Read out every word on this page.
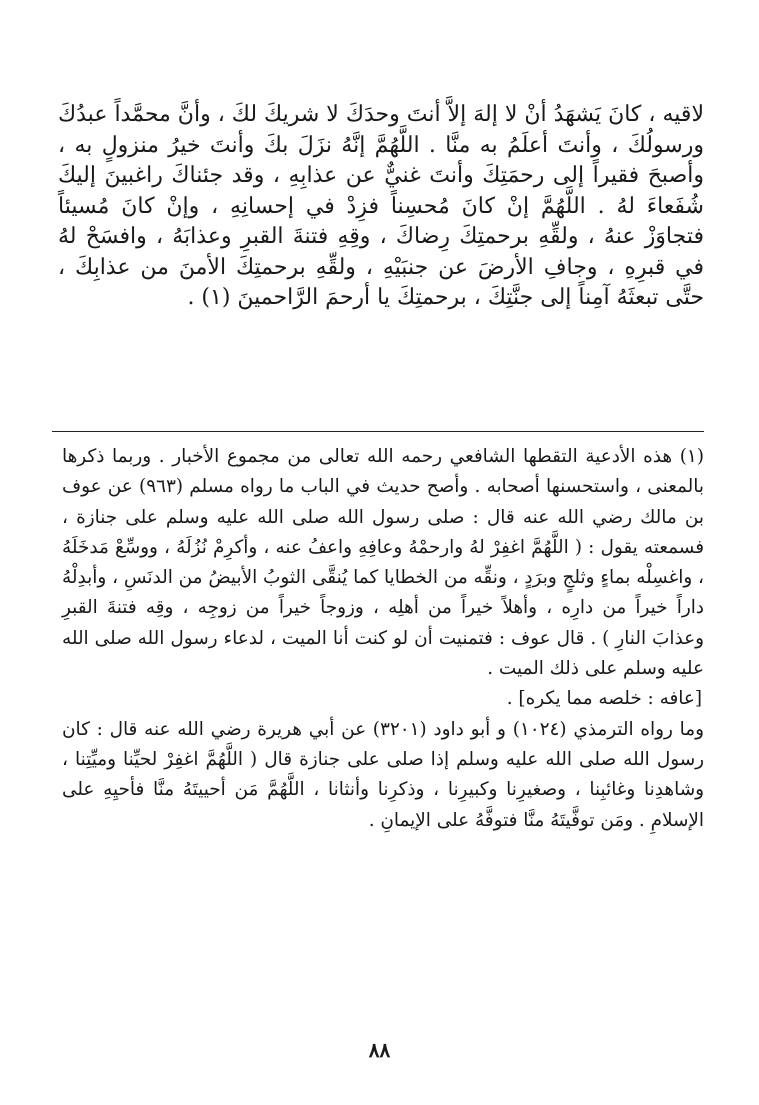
لاقيه ، كانَ يَشهَدُ أنْ لا إلهَ إلاَّ أنتَ وحدَكَ لا شريكَ لكَ ، وأنَّ محمَّداً عبدُكَ ورسولُكَ ، وأنتَ أعلَمُ به منَّا . اللَّهُمَّ إنَّهُ نزَلَ بكَ وأنتَ خيرُ منزولٍ به ، وأصبحَ فقيراً إلى رحمَتِكَ وأنتَ غنيٌّ عن عذابِهِ ، وقد جئناكَ راغبينَ إليكَ شُفَعاءَ لهُ . اللَّهُمَّ إنْ كانَ مُحسِناً فزِدْ في إحسانِهِ ، وإنْ كانَ مُسيئاً فتجاوَزْ عنهُ ، ولقِّهِ برحمتِكَ رِضاكَ ، وقِهِ فتنةَ القبرِ وعذابَهُ ، وافسَحْ لهُ في قبرِهِ ، وجافِ الأرضَ عن جنبَيْهِ ، ولقِّهِ برحمتِكَ الأمنَ من عذابِكَ ، حتَّى تبعثَهُ آمِناً إلى جنَّتِكَ ، برحمتِكَ يا أرحمَ الرَّاحمينَ (١) .

(١) هذه الأدعية التقطها الشافعي رحمه الله تعالى من مجموع الأخبار . وربما ذكرها بالمعنى ، واستحسنها أصحابه . وأصح حديث في الباب ما رواه مسلم (٩٦٣) عن عوف بن مالك رضي الله عنه قال : صلى رسول الله صلى الله عليه وسلم على جنازة ، فسمعته يقول : ( اللَّهُمَّ اغفِرْ لهُ وارحمْهُ وعافِهِ واعفُ عنه ، وأكرِمْ نُزُلَهُ ، ووسِّعْ مَدخَلَهُ ، واغسِلْه بماءٍ وثلجٍ وبرَدٍ ، ونقِّه من الخطايا كما يُنقَّى الثوبُ الأبيضُ من الدنَسِ ، وأبدِلْهُ داراً خيراً من دارِه ، وأهلاً خيراً من أهلِه ، وزوجاً خيراً من زوجِه ، وقِه فتنةَ القبرِ وعذابَ النارِ ) . قال عوف : فتمنيت أن لو كنت أنا الميت ، لدعاء رسول الله صلى الله عليه وسلم على ذلك الميت .

[عافه : خلصه مما يكره] .

وما رواه الترمذي (١٠٢٤) و أبو داود (٣٢٠١) عن أبي هريرة رضي الله عنه قال : كان رسول الله صلى الله عليه وسلم إذا صلى على جنازة قال ( اللَّهُمَّ اغفِرْ لحيِّنا وميِّتِنا ، وشاهدِنا وغائبِنا ، وصغيرِنا وكبيرِنا ، وذكرِنا وأنثانا ، اللَّهُمَّ مَن أحييتَهُ منَّا فأحيِهِ على الإسلامِ . ومَن توفَّيتَهُ منَّا فتوفَّهُ على الإيمانِ .

٨٨
